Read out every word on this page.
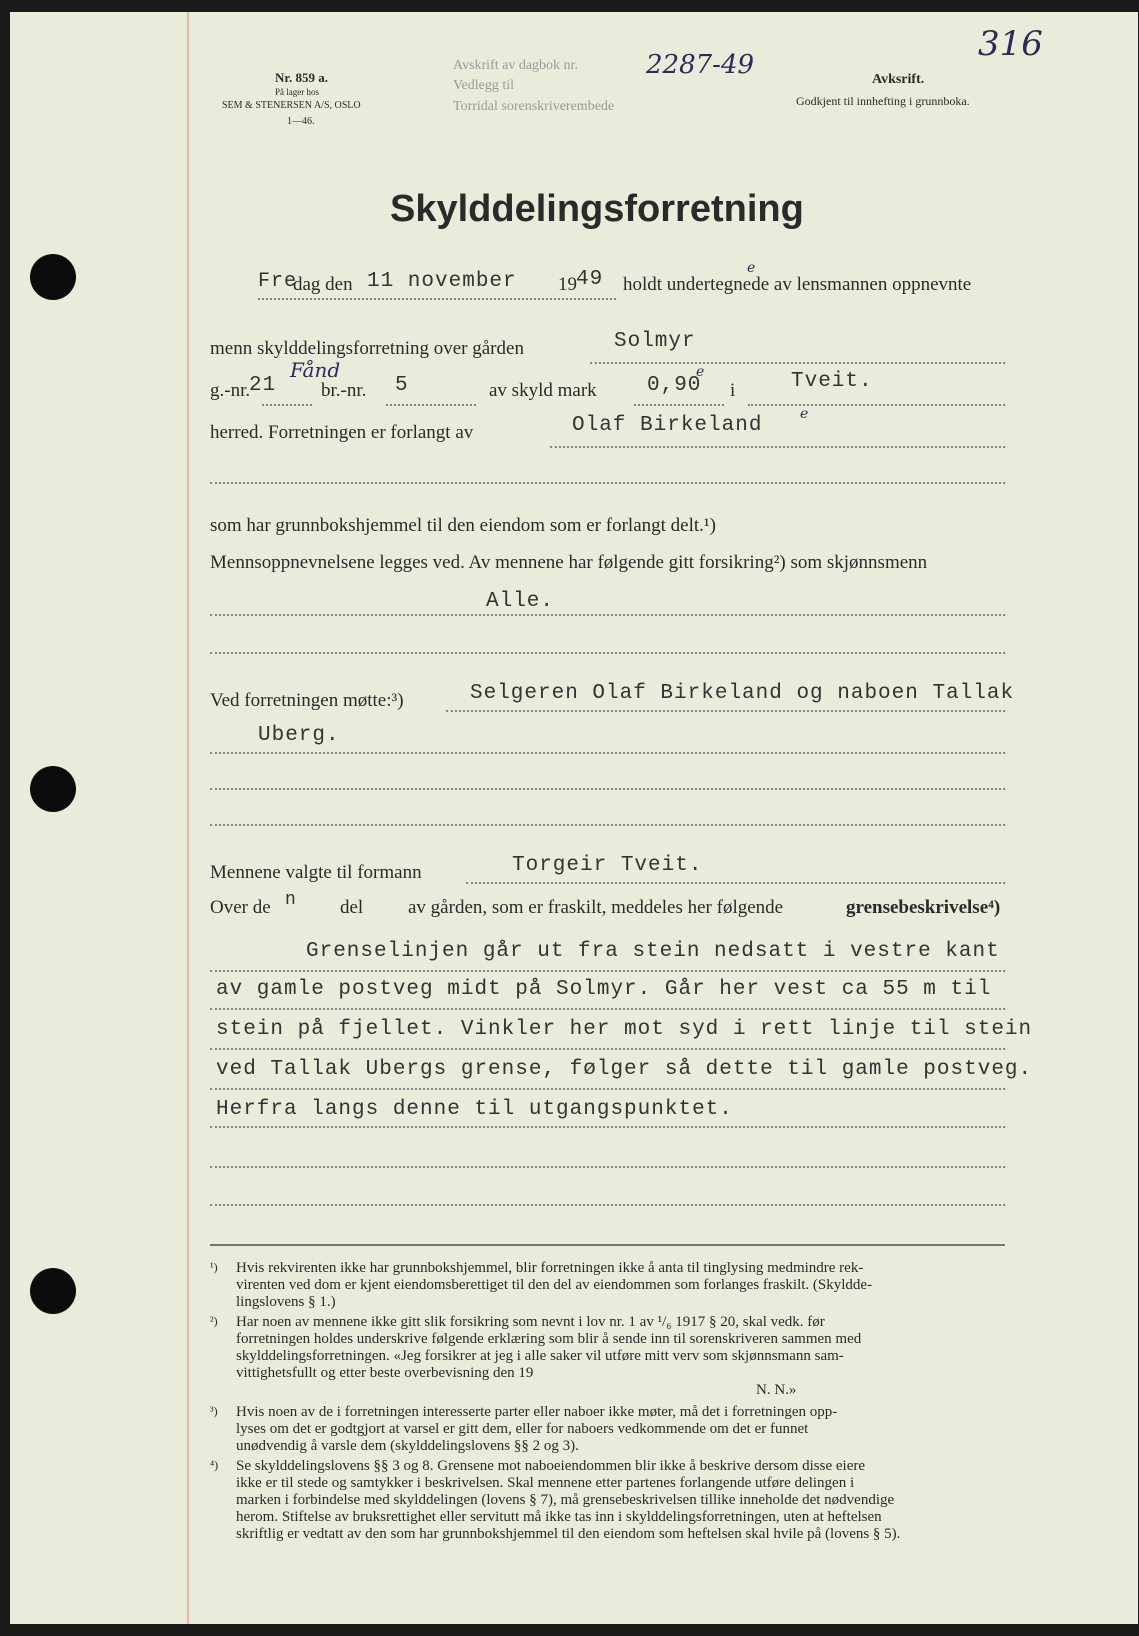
Nr. 859 a.
På lager hos
SEM & STENERSEN A/S, OSLO
1—46.
Avskrift av dagbok nr.
Vedlegg til
Torridal sorenskriverembede
2287-49
316
Avksrift.
Godkjent til innhefting i grunnboka.
Skylddelingsforretning
Fre
dag den 11 november 19 49 holdt undertegnede av lensmannen oppnevnte
e
menn skylddelingsforretning over gården	Solmyr
g.-nr.
21
Fånd
br.-nr. 5	av skyld mark 0,90
e
i	Tveit.
herred. Forretningen er forlangt av	Olaf Birkeland	e
som har grunnbokshjemmel til den eiendom som er forlangt delt.¹)
Mennsoppnevnelsene legges ved. Av mennene har følgende gitt forsikring²) som skjønnsmenn
Alle.
Ved forretningen møtte:³)	Selgeren Olaf Birkeland og naboen Tallak
Uberg.
Mennene valgte til formann	Torgeir Tveit.
Over de n del av gården, som er fraskilt, meddeles her følgende	grensebeskrivelse⁴)
Grenselinjen går ut fra stein nedsatt i vestre kant
av gamle postveg midt på Solmyr. Går her vest ca 55 m til
stein på fjellet. Vinkler her mot syd i rett linje til stein
ved Tallak Ubergs grense, følger så dette til gamle postveg.
Herfra langs denne til utgangspunktet.
¹) Hvis rekvirenten ikke har grunnbokshjemmel, blir forretningen ikke å anta til tinglysing medmindre rek-
virenten ved dom er kjent eiendomsberettiget til den del av eiendommen som forlanges fraskilt. (Skyldde-
lingslovens § 1.)
²) Har noen av mennene ikke gitt slik forsikring som nevnt i lov nr. 1 av ¹/₆ 1917 § 20, skal vedk. før
forretningen holdes underskrive følgende erklæring som blir å sende inn til sorenskriveren sammen med
skylddelingsforretningen. «Jeg forsikrer at jeg i alle saker vil utføre mitt verv som skjønnsmann sam-
vittighetsfullt og etter beste overbevisning den 19
N. N.»
³) Hvis noen av de i forretningen interesserte parter eller naboer ikke møter, må det i forretningen opp-
lyses om det er godtgjort at varsel er gitt dem, eller for naboers vedkommende om det er funnet
unødvendig å varsle dem (skylddelingslovens §§ 2 og 3).
⁴) Se skylddelingslovens §§ 3 og 8. Grensene mot naboeiendommen blir ikke å beskrive dersom disse eiere
ikke er til stede og samtykker i beskrivelsen. Skal mennene etter partenes forlangende utføre delingen i
marken i forbindelse med skylddelingen (lovens § 7), må grensebeskrivelsen tillike inneholde det nødvendige
herom. Stiftelse av bruksrettighet eller servitutt må ikke tas inn i skylddelingsforretningen, uten at heftelsen
skriftlig er vedtatt av den som har grunnbokshjemmel til den eiendom som heftelsen skal hvile på (lovens § 5).
